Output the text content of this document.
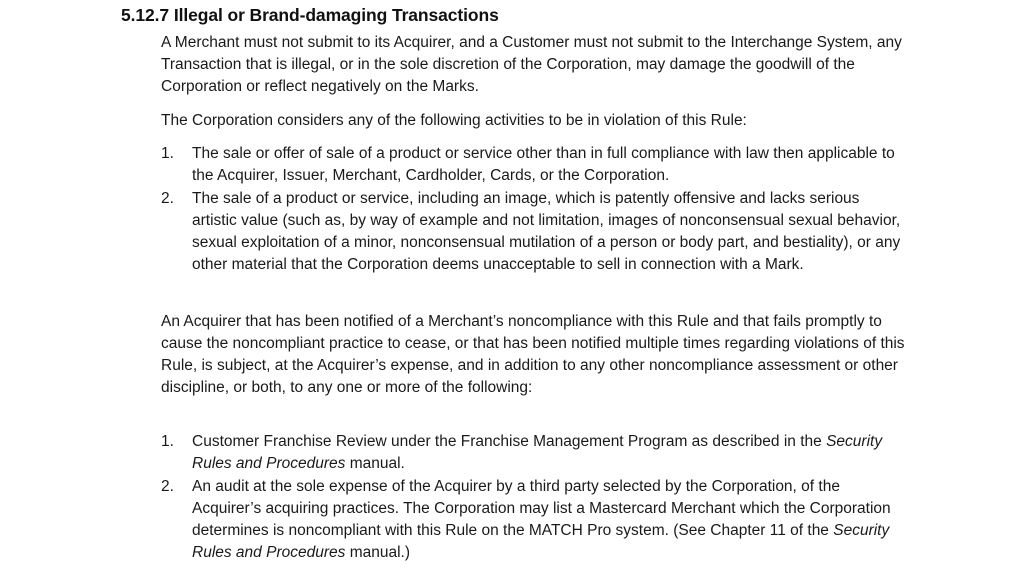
5.12.7 Illegal or Brand-damaging Transactions

A Merchant must not submit to its Acquirer, and a Customer must not submit to the Interchange System, any Transaction that is illegal, or in the sole discretion of the Corporation, may damage the goodwill of the Corporation or reflect negatively on the Marks.

The Corporation considers any of the following activities to be in violation of this Rule:

1. The sale or offer of sale of a product or service other than in full compliance with law then applicable to the Acquirer, Issuer, Merchant, Cardholder, Cards, or the Corporation.
2. The sale of a product or service, including an image, which is patently offensive and lacks serious artistic value (such as, by way of example and not limitation, images of nonconsensual sexual behavior, sexual exploitation of a minor, nonconsensual mutilation of a person or body part, and bestiality), or any other material that the Corporation deems unacceptable to sell in connection with a Mark.

An Acquirer that has been notified of a Merchant’s noncompliance with this Rule and that fails promptly to cause the noncompliant practice to cease, or that has been notified multiple times regarding violations of this Rule, is subject, at the Acquirer’s expense, and in addition to any other noncompliance assessment or other discipline, or both, to any one or more of the following:

1. Customer Franchise Review under the Franchise Management Program as described in the Security Rules and Procedures manual.
2. An audit at the sole expense of the Acquirer by a third party selected by the Corporation, of the Acquirer’s acquiring practices. The Corporation may list a Mastercard Merchant which the Corporation determines is noncompliant with this Rule on the MATCH Pro system. (See Chapter 11 of the Security Rules and Procedures manual.)
